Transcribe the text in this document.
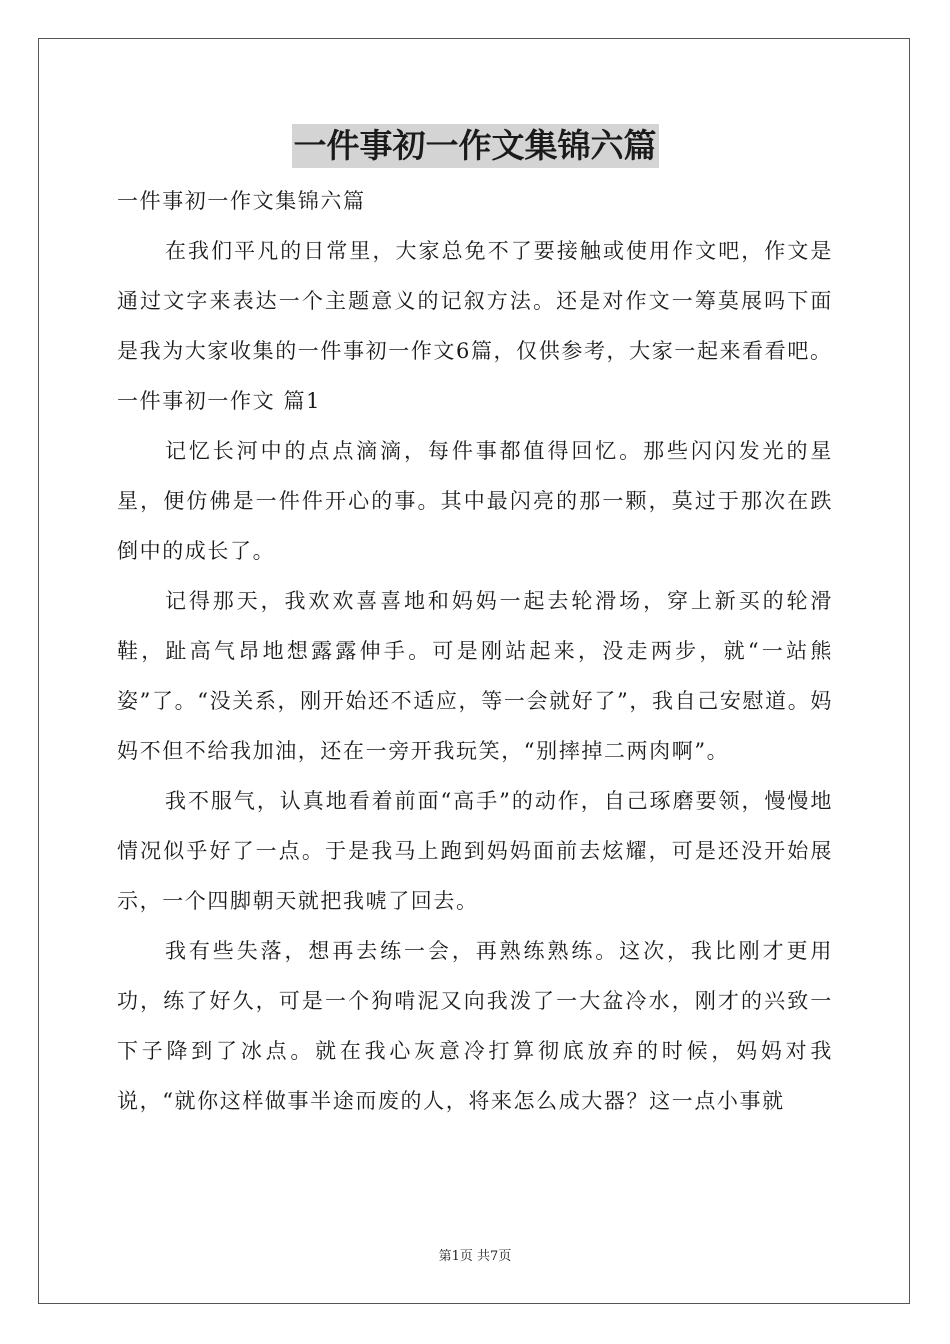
一件事初一作文集锦六篇

一件事初一作文集锦六篇

在我们平凡的日常里，大家总免不了要接触或使用作文吧，作文是通过文字来表达一个主题意义的记叙方法。还是对作文一筹莫展吗下面是我为大家收集的一件事初一作文6篇，仅供参考，大家一起来看看吧。

一件事初一作文 篇1

记忆长河中的点点滴滴，每件事都值得回忆。那些闪闪发光的星星，便仿佛是一件件开心的事。其中最闪亮的那一颗，莫过于那次在跌倒中的成长了。

记得那天，我欢欢喜喜地和妈妈一起去轮滑场，穿上新买的轮滑鞋，趾高气昂地想露露伸手。可是刚站起来，没走两步，就“一站熊姿”了。“没关系，刚开始还不适应，等一会就好了”，我自己安慰道。妈妈不但不给我加油，还在一旁开我玩笑，“别摔掉二两肉啊”。

我不服气，认真地看着前面“高手”的动作，自己琢磨要领，慢慢地情况似乎好了一点。于是我马上跑到妈妈面前去炫耀，可是还没开始展示，一个四脚朝天就把我唬了回去。

我有些失落，想再去练一会，再熟练熟练。这次，我比刚才更用功，练了好久，可是一个狗啃泥又向我泼了一大盆冷水，刚才的兴致一下子降到了冰点。就在我心灰意冷打算彻底放弃的时候，妈妈对我说，“就你这样做事半途而废的人，将来怎么成大器？这一点小事就

第1页 共7页
